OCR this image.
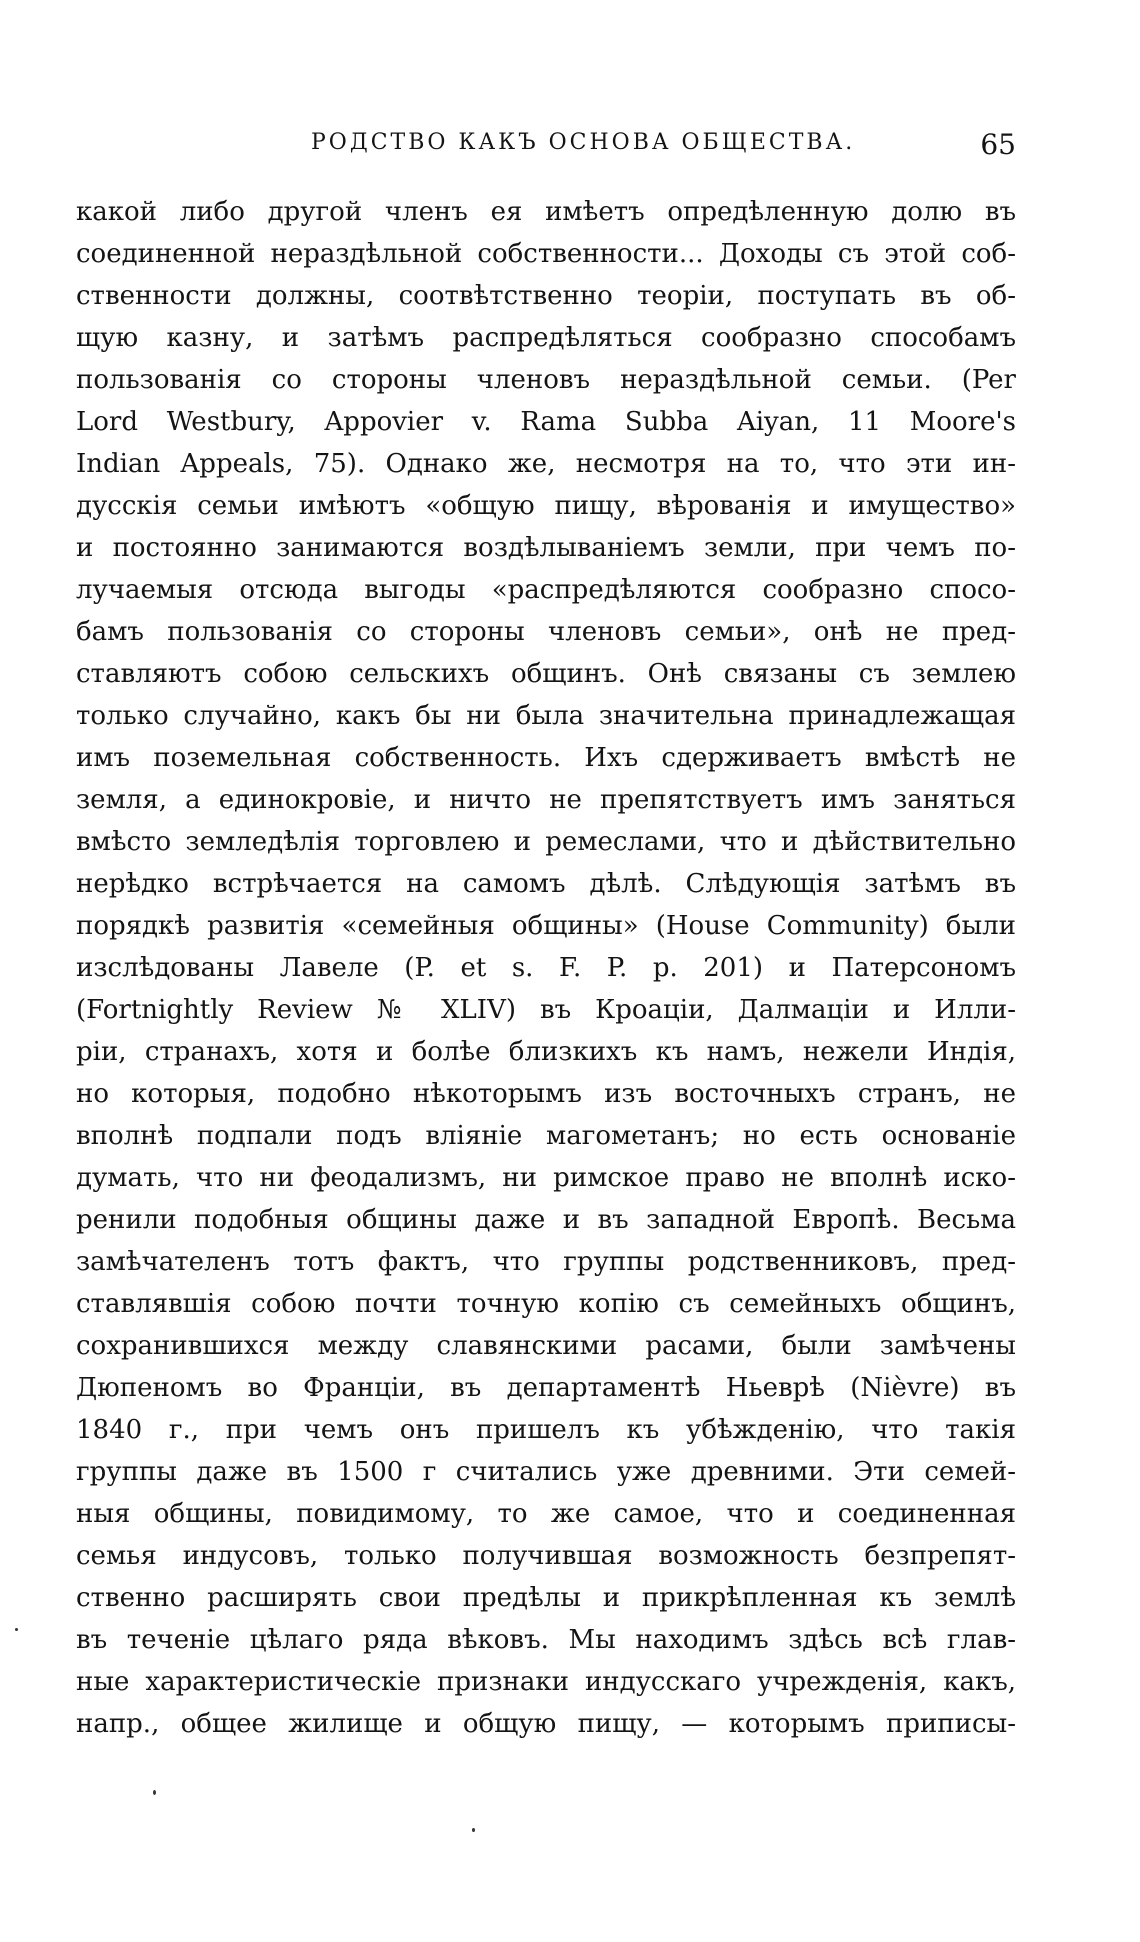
РОДСТВО КАКЪ ОСНОВА ОБЩЕСТВА.	65
какой либо другой членъ ея имѣетъ опредѣленную долю въ
соединенной нераздѣльной собственности... Доходы съ этой соб-
ственности должны, соотвѣтственно теоріи, поступать въ об-
щую казну, и затѣмъ распредѣляться сообразно способамъ
пользованія со стороны членовъ нераздѣльной семьи. (Per
Lord Westbury, Appovier v. Rama Subba Aiyan, 11 Moore's
Indian Appeals, 75). Однако же, несмотря на то, что эти ин-
дусскія семьи имѣютъ «общую пищу, вѣрованія и имущество»
и постоянно занимаются воздѣлываніемъ земли, при чемъ по-
лучаемыя отсюда выгоды «распредѣляются сообразно спосо-
бамъ пользованія со стороны членовъ семьи», онѣ не пред-
ставляютъ собою сельскихъ общинъ. Онѣ связаны съ землею
только случайно, какъ бы ни была значительна принадлежащая
имъ поземельная собственность. Ихъ сдерживаетъ вмѣстѣ не
земля, а единокровіе, и ничто не препятствуетъ имъ заняться
вмѣсто земледѣлія торговлею и ремеслами, что и дѣйствительно
нерѣдко встрѣчается на самомъ дѣлѣ. Слѣдующія затѣмъ въ
порядкѣ развитія «семейныя общины» (House Community) были
изслѣдованы Лавеле (P. et s. F. P. p. 201) и Патерсономъ
(Fortnightly Review № XLIV) въ Кроаціи, Далмаціи и Илли-
ріи, странахъ, хотя и болѣе близкихъ къ намъ, нежели Индія,
но которыя, подобно нѣкоторымъ изъ восточныхъ странъ, не
вполнѣ подпали подъ вліяніе магометанъ; но есть основаніе
думать, что ни феодализмъ, ни римское право не вполнѣ иско-
ренили подобныя общины даже и въ западной Европѣ. Весьма
замѣчателенъ тотъ фактъ, что группы родственниковъ, пред-
ставлявшія собою почти точную копію съ семейныхъ общинъ,
сохранившихся между славянскими расами, были замѣчены
Дюпеномъ во Франціи, въ департаментѣ Ньеврѣ (Nièvre) въ
1840 г., при чемъ онъ пришелъ къ убѣжденію, что такія
группы даже въ 1500 г считались уже древними. Эти семей-
ныя общины, повидимому, то же самое, что и соединенная
семья индусовъ, только получившая возможность безпрепят-
ственно расширять свои предѣлы и прикрѣпленная къ землѣ
въ теченіе цѣлаго ряда вѣковъ. Мы находимъ здѣсь всѣ глав-
ные характеристическіе признаки индусскаго учрежденія, какъ,
напр., общее жилище и общую пищу, — которымъ приписы-
